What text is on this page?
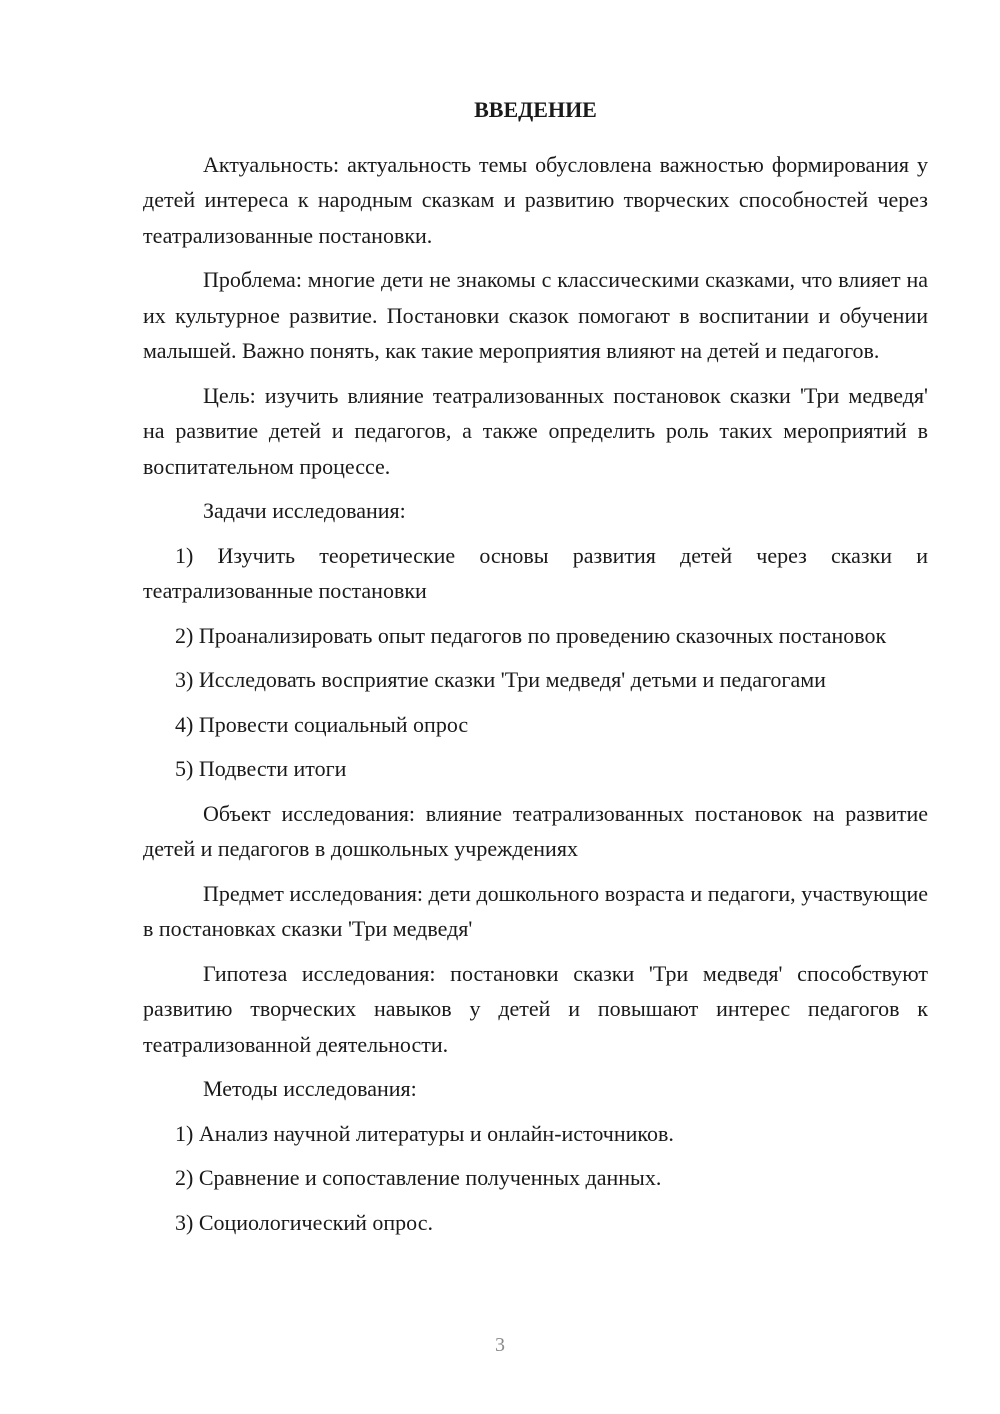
ВВЕДЕНИЕ

Актуальность: актуальность темы обусловлена важностью формирования у детей интереса к народным сказкам и развитию творческих способностей через театрализованные постановки.

Проблема: многие дети не знакомы с классическими сказками, что влияет на их культурное развитие. Постановки сказок помогают в воспитании и обучении малышей. Важно понять, как такие мероприятия влияют на детей и педагогов.

Цель: изучить влияние театрализованных постановок сказки 'Три медведя' на развитие детей и педагогов, а также определить роль таких мероприятий в воспитательном процессе.

Задачи исследования:

1) Изучить теоретические основы развития детей через сказки и театрализованные постановки

2) Проанализировать опыт педагогов по проведению сказочных постановок

3) Исследовать восприятие сказки 'Три медведя' детьми и педагогами

4) Провести социальный опрос

5) Подвести итоги

Объект исследования: влияние театрализованных постановок на развитие детей и педагогов в дошкольных учреждениях

Предмет исследования: дети дошкольного возраста и педагоги, участвующие в постановках сказки 'Три медведя'

Гипотеза исследования: постановки сказки 'Три медведя' способствуют развитию творческих навыков у детей и повышают интерес педагогов к театрализованной деятельности.

Методы исследования:

1) Анализ научной литературы и онлайн-источников.

2) Сравнение и сопоставление полученных данных.

3) Социологический опрос.

3
